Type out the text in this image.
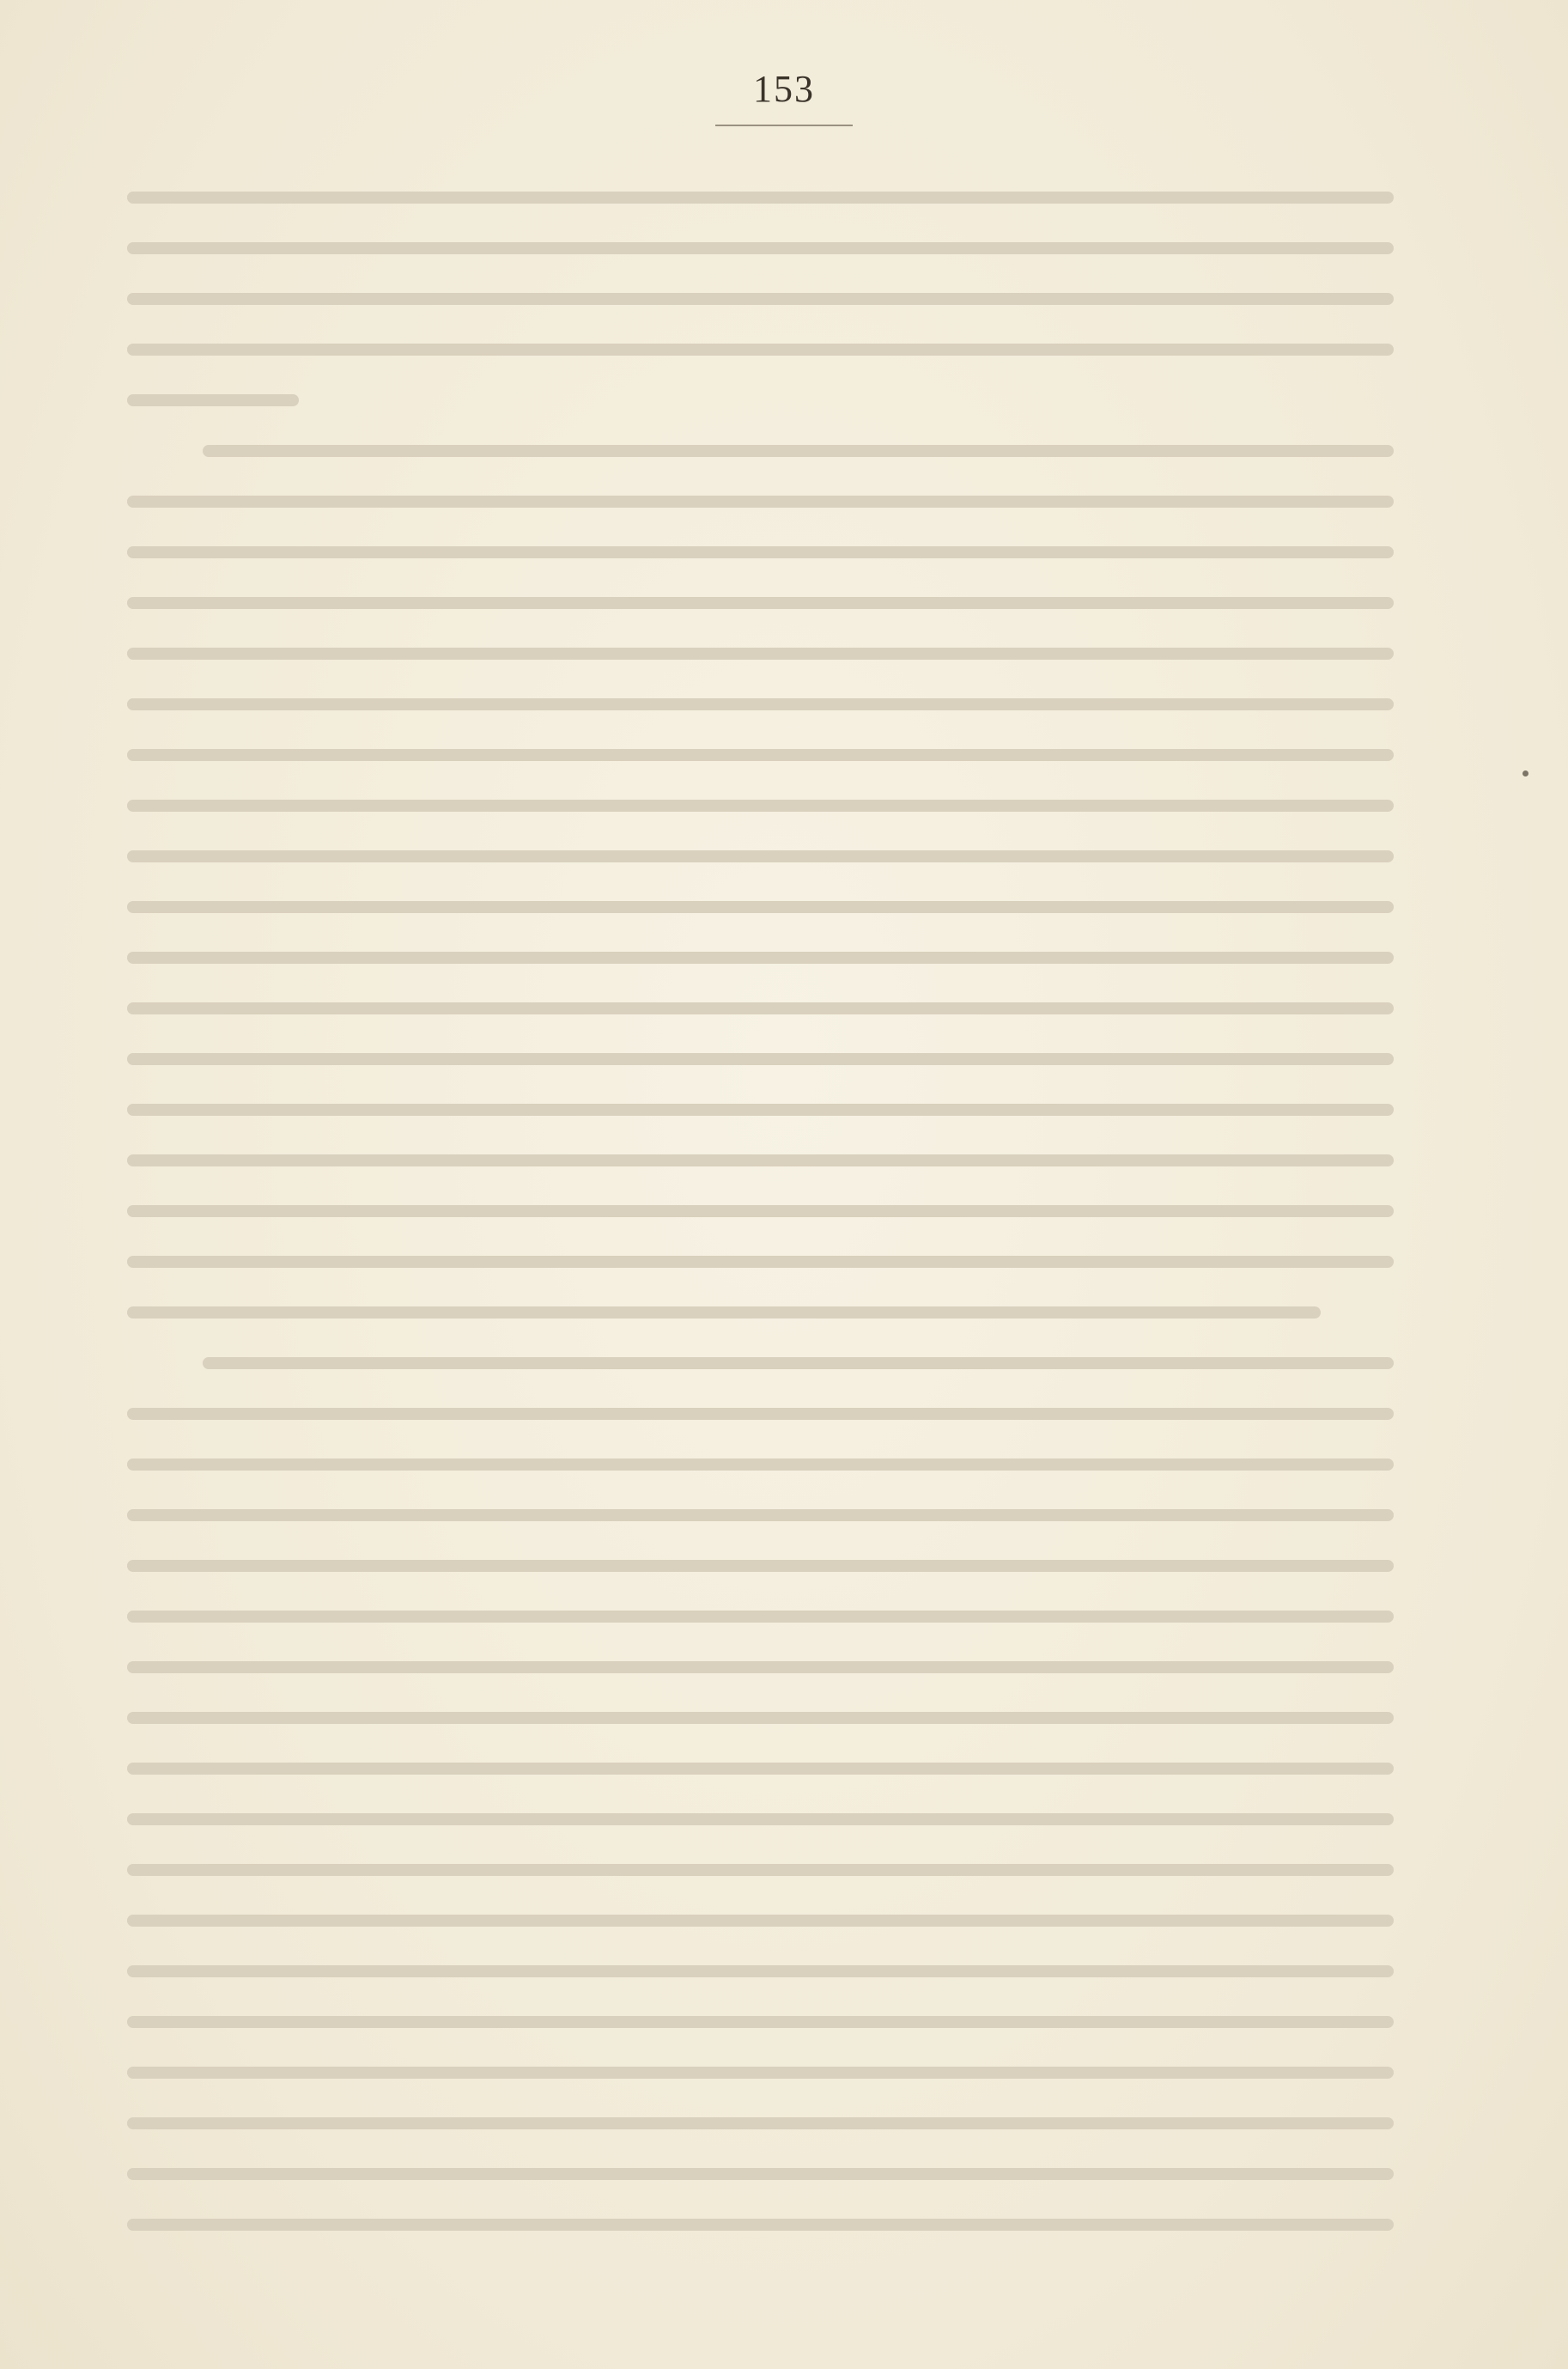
153
